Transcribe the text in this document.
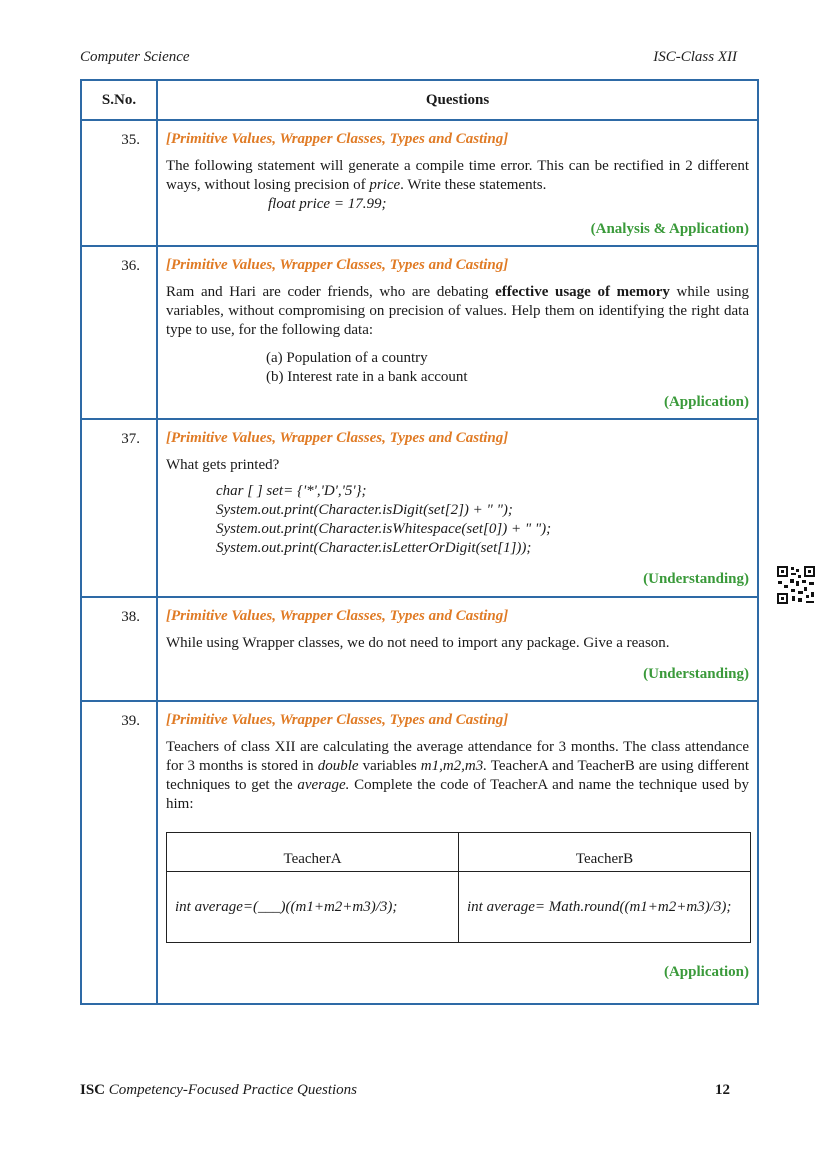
Computer Science	ISC-Class XII
S.No.	Questions
35.	[Primitive Values, Wrapper Classes, Types and Casting]
The following statement will generate a compile time error. This can be rectified in 2 different ways, without losing precision of price. Write these statements.
float price = 17.99;
(Analysis & Application)

36.	[Primitive Values, Wrapper Classes, Types and Casting]
Ram and Hari are coder friends, who are debating effective usage of memory while using variables, without compromising on precision of values. Help them on identifying the right data type to use, for the following data:
(a) Population of a country
(b) Interest rate in a bank account
(Application)

37.	[Primitive Values, Wrapper Classes, Types and Casting]
What gets printed?
char [ ] set= {'*','D','5'};
System.out.print(Character.isDigit(set[2]) + " ");
System.out.print(Character.isWhitespace(set[0]) + " ");
System.out.print(Character.isLetterOrDigit(set[1]));
(Understanding)

38.	[Primitive Values, Wrapper Classes, Types and Casting]
While using Wrapper classes, we do not need to import any package. Give a reason.
(Understanding)

39.	[Primitive Values, Wrapper Classes, Types and Casting]
Teachers of class XII are calculating the average attendance for 3 months. The class attendance for 3 months is stored in double variables m1,m2,m3. TeacherA and TeacherB are using different techniques to get the average. Complete the code of TeacherA and name the technique used by him:
TeacherA	TeacherB
int average=(___)((m1+m2+m3)/3);	int average= Math.round((m1+m2+m3)/3);
(Application)
ISC Competency-Focused Practice Questions	12
